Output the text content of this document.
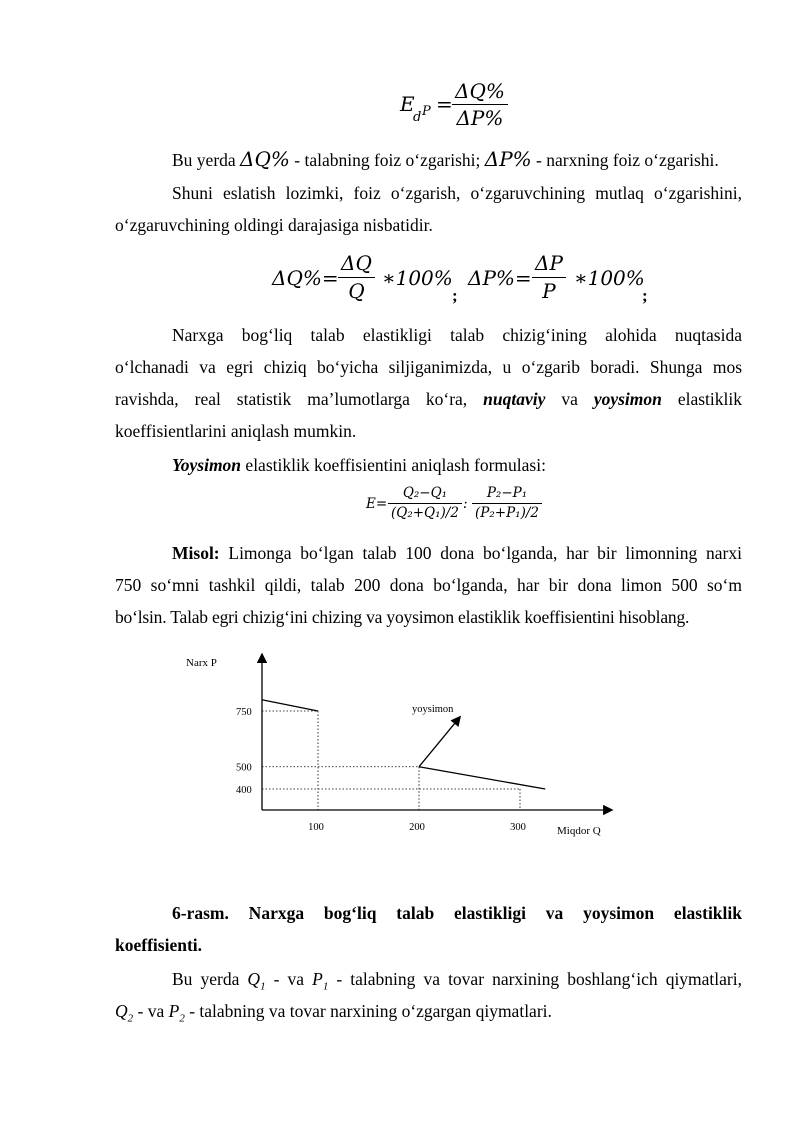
E
d $P = \frac{\Delta Q\%}{\Delta P\%}$
Bu yerda ΔQ% - talabning foiz o‘zgarishi; ΔP% - narxning foiz o‘zgarishi.
Shuni eslatish lozimki, foiz o‘zgarish, o‘zgaruvchining mutlaq o‘zgarishini,
o‘zgaruvchining oldingi darajasiga nisbatidir.
$\Delta Q\%= \frac{\Delta Q}{Q}$ ∗100%
;
$\Delta P\%= \frac{\Delta P}{P}$ ∗100%
;
Narxga bog‘liq talab elastikligi talab chizig‘ining alohida nuqtasida
o‘lchanadi va egri chiziq bo‘yicha siljiganimizda, u o‘zgarib boradi. Shunga mos
ravishda, real statistik ma’lumotlarga ko‘ra, nuqtaviy va yoysimon elastiklik
koeffisientlarini aniqlash mumkin.
Yoysimon elastiklik koeffisientini aniqlash formulasi:
$E= \frac{\text{Q₂−Q₁}}{\text{(Q₂+Q₁)/2}}$ : $\frac{\text{P₂−P₁}}{\text{(P₂+P₁)/2}}$
Misol: Limonga bo‘lgan talab 100 dona bo‘lganda, har bir limonning narxi
750 so‘mni tashkil qildi, talab 200 dona bo‘lganda, har bir dona limon 500 so‘m
bo‘lsin. Talab egri chizig‘ini chizing va yoysimon elastiklik koeffisientini hisoblang.
Narx P
Miqdor Q
400
500
750
100	200	300
yoysimon
6-rasm. Narxga bog‘liq talab elastikligi va yoysimon elastiklik
koeffisienti.
Bu yerda $Q_1$ - va $P_1$ - talabning va tovar narxining boshlang‘ich qiymatlari,
$Q_2$ - va $P_2$ - talabning va tovar narxining o‘zgargan qiymatlari.
